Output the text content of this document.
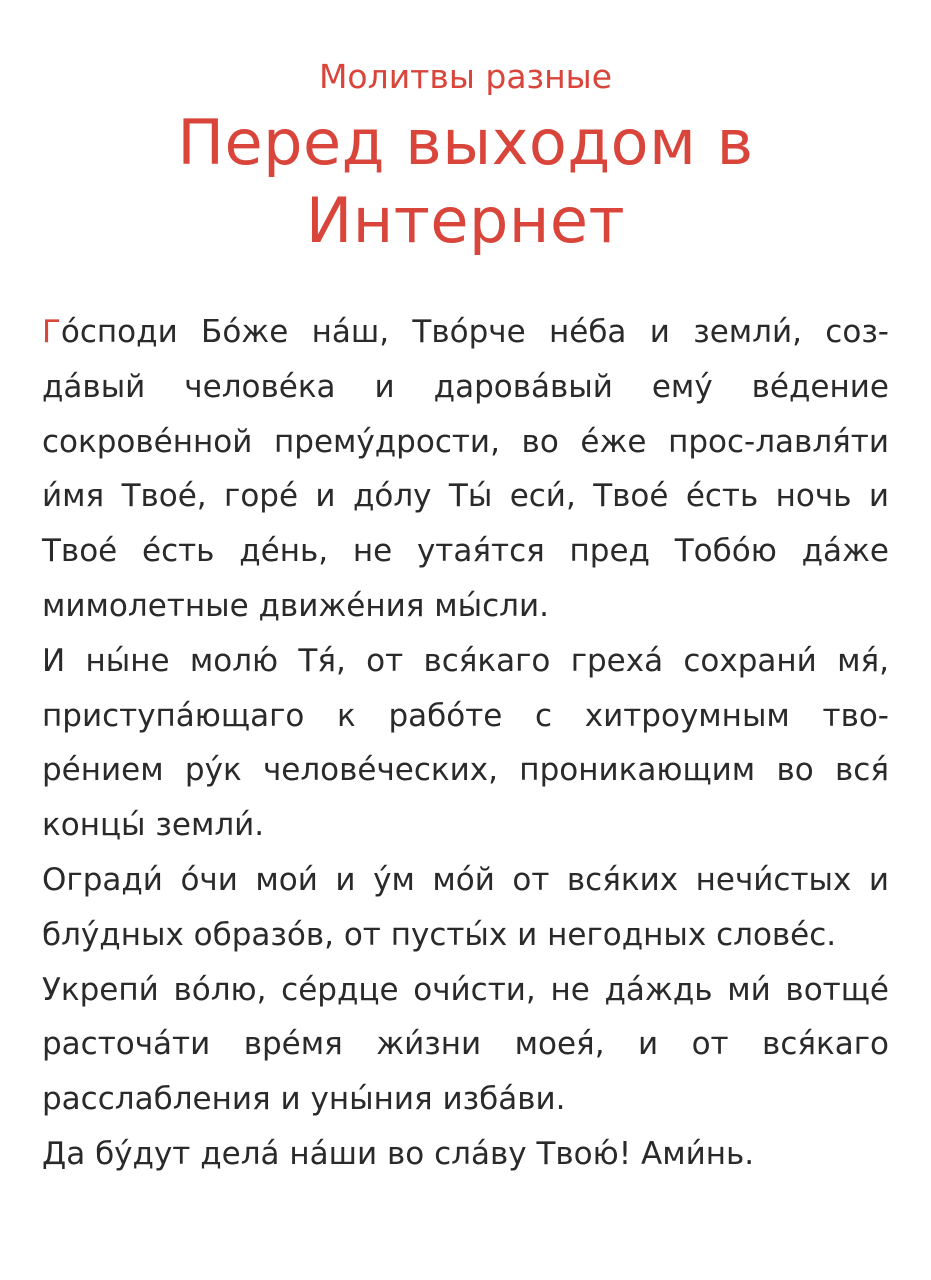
Молитвы разные
Перед выходом в
Интернет

Го́споди Бо́же на́ш, Тво́рче не́ба и земли́, соз-да́вый челове́ка и дарова́вый ему́ ве́дение сокрове́нной прему́дрости, во е́же прос-лавля́ти и́мя Твое́, горе́ и до́лу Ты́ еси́, Твое́ е́сть ночь и Твое́ е́сть де́нь, не утая́тся пред Тобо́ю да́же мимолетные движе́ния мы́сли.

И ны́не молю́ Тя́, от вся́каго греха́ сохрани́ мя́, приступа́ющаго к рабо́те с хитроумным тво-ре́нием ру́к челове́ческих, проникающим во вся́ концы́ земли́.

Огради́ о́чи мои́ и у́м мо́й от вся́ких нечи́стых и блу́дных образо́в, от пусты́х и негодных слове́с.

Укрепи́ во́лю, се́рдце очи́сти, не да́ждь ми́ вотще́ расточа́ти вре́мя жи́зни моея́, и от вся́каго расслабления и уны́ния изба́ви.

Да бу́дут дела́ на́ши во сла́ву Твою́! Ами́нь.
